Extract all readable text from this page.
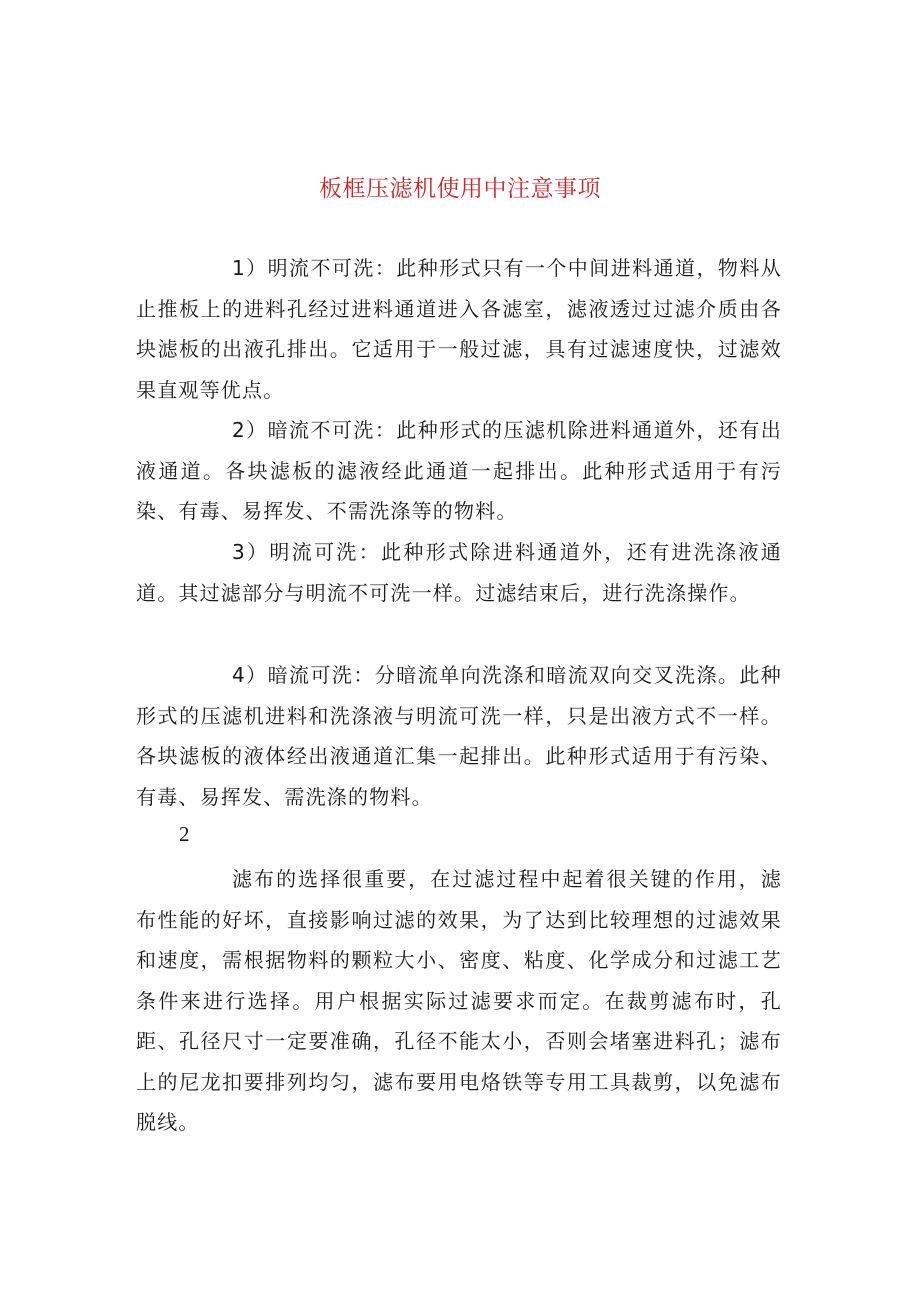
板框压滤机使用中注意事项

1）明流不可洗：此种形式只有一个中间进料通道，物料从止推板上的进料孔经过进料通道进入各滤室，滤液透过过滤介质由各块滤板的出液孔排出。它适用于一般过滤，具有过滤速度快，过滤效果直观等优点。

2）暗流不可洗：此种形式的压滤机除进料通道外，还有出液通道。各块滤板的滤液经此通道一起排出。此种形式适用于有污染、有毒、易挥发、不需洗涤等的物料。

3）明流可洗：此种形式除进料通道外，还有进洗涤液通道。其过滤部分与明流不可洗一样。过滤结束后，进行洗涤操作。

4）暗流可洗：分暗流单向洗涤和暗流双向交叉洗涤。此种形式的压滤机进料和洗涤液与明流可洗一样，只是出液方式不一样。各块滤板的液体经出液通道汇集一起排出。此种形式适用于有污染、有毒、易挥发、需洗涤的物料。

2

滤布的选择很重要，在过滤过程中起着很关键的作用，滤布性能的好坏，直接影响过滤的效果，为了达到比较理想的过滤效果和速度，需根据物料的颗粒大小、密度、粘度、化学成分和过滤工艺条件来进行选择。用户根据实际过滤要求而定。在裁剪滤布时，孔距、孔径尺寸一定要准确，孔径不能太小，否则会堵塞进料孔；滤布上的尼龙扣要排列均匀，滤布要用电烙铁等专用工具裁剪，以免滤布脱线。
